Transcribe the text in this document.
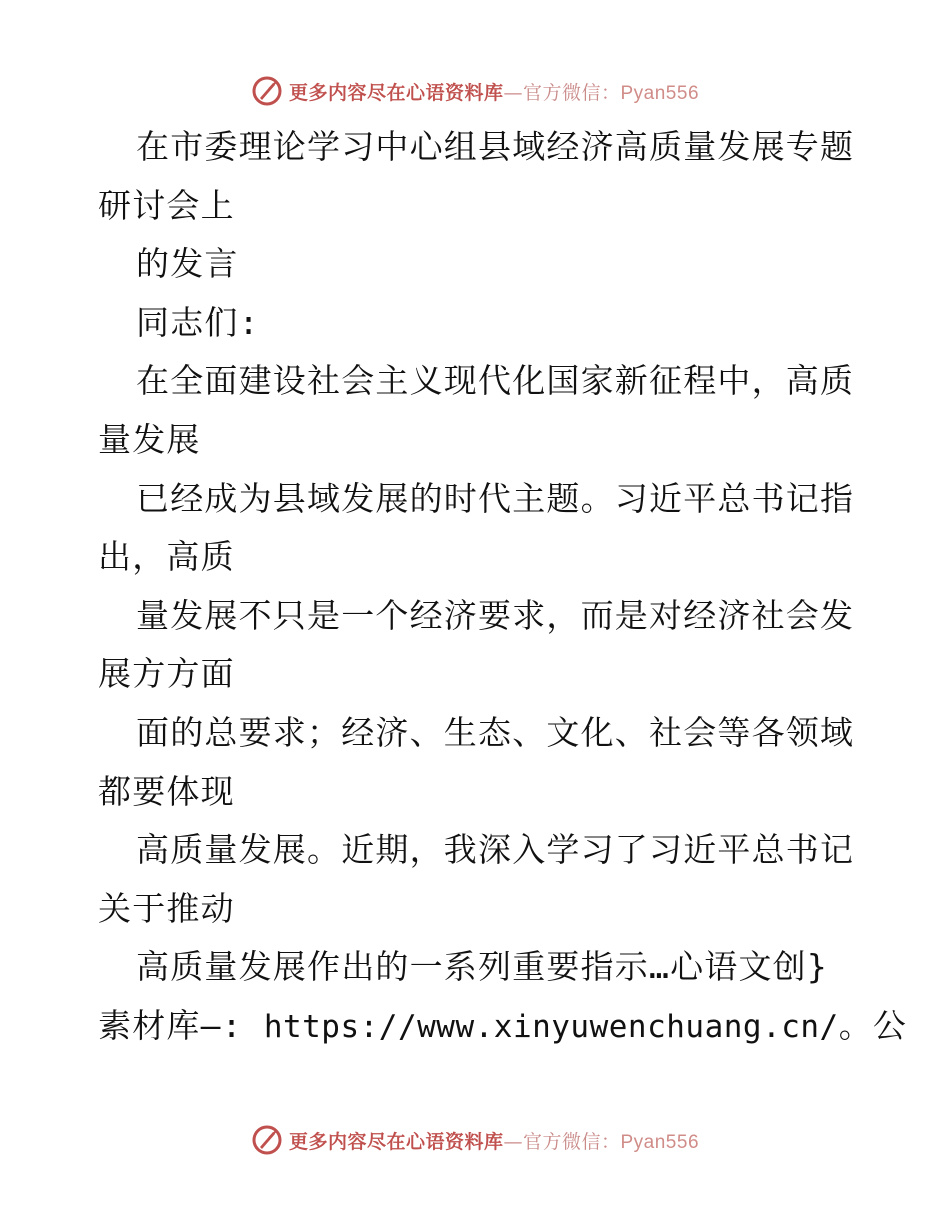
更多内容尽在心语资料库—官方微信：Pyan556
在市委理论学习中心组县域经济高质量发展专题
研讨会上
的发言
同志们:
在全面建设社会主义现代化国家新征程中，高质
量发展
已经成为县域发展的时代主题。习近平总书记指
出，高质
量发展不只是一个经济要求，而是对经济社会发
展方方面
面的总要求；经济、生态、文化、社会等各领域
都要体现
高质量发展。近期，我深入学习了习近平总书记
关于推动
高质量发展作出的一系列重要指示…心语文创}
素材库—: https://www.xinyuwenchuang.cn/。公
更多内容尽在心语资料库—官方微信：Pyan556
